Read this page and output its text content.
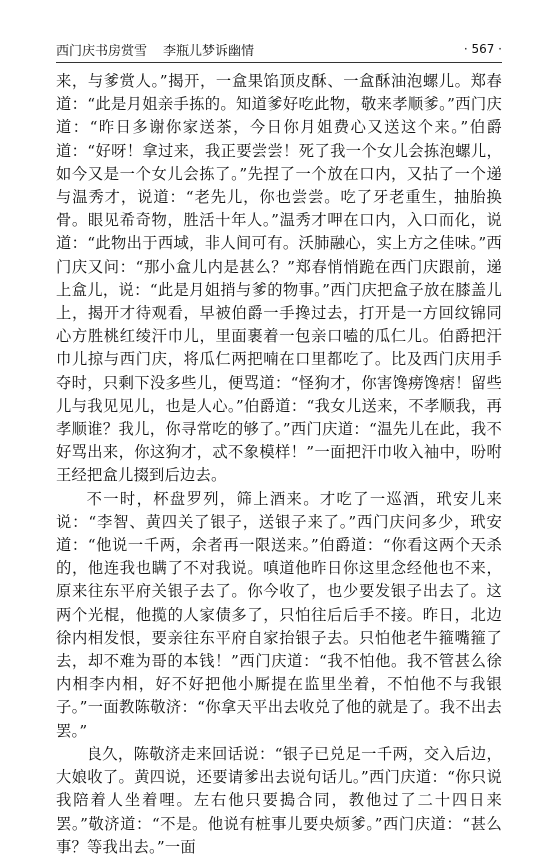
西门庆书房赏雪 李瓶儿梦诉幽情	· 567 ·

来，与爹赏人。”揭开，一盒果馅顶皮酥、一盒酥油泡螺儿。郑春道：“此是月姐亲手拣的。知道爹好吃此物，敬来孝顺爹。”西门庆道：“昨日多谢你家送茶，今日你月姐费心又送这个来。”伯爵道：“好呀！拿过来，我正要尝尝！死了我一个女儿会拣泡螺儿，如今又是一个女儿会拣了。”先捏了一个放在口内，又拈了一个递与温秀才，说道：“老先儿，你也尝尝。吃了牙老重生，抽胎换骨。眼见希奇物，胜活十年人。”温秀才呷在口内，入口而化，说道：“此物出于西域，非人间可有。沃肺融心，实上方之佳味。”西门庆又问：“那小盒儿内是甚么？”郑春悄悄跪在西门庆跟前，递上盒儿，说：“此是月姐捎与爹的物事。”西门庆把盒子放在膝盖儿上，揭开才待观看，早被伯爵一手搀过去，打开是一方回纹锦同心方胜桃红绫汗巾儿，里面裹着一包亲口嗑的瓜仁儿。伯爵把汗巾儿掠与西门庆，将瓜仁两把喃在口里都吃了。比及西门庆用手夺时，只剩下没多些儿，便骂道：“怪狗才，你害馋痨馋痞！留些儿与我见见儿，也是人心。”伯爵道：“我女儿送来，不孝顺我，再孝顺谁？我儿，你寻常吃的够了。”西门庆道：“温先儿在此，我不好骂出来，你这狗才，忒不象模样！”一面把汗巾收入袖中，吩咐王经把盒儿掇到后边去。

不一时，杯盘罗列，筛上酒来。才吃了一巡酒，玳安儿来说：“李智、黄四关了银子，送银子来了。”西门庆问多少，玳安道：“他说一千两，余者再一限送来。”伯爵道：“你看这两个天杀的，他连我也瞒了不对我说。嗔道他昨日你这里念经他也不来，原来往东平府关银子去了。你今收了，也少要发银子出去了。这两个光棍，他揽的人家债多了，只怕往后后手不接。昨日，北边徐内相发恨，要亲往东平府自家抬银子去。只怕他老牛箍嘴箍了去，却不难为哥的本钱！”西门庆道：“我不怕他。我不管甚么徐内相李内相，好不好把他小厮提在监里坐着，不怕他不与我银子。”一面教陈敬济：“你拿天平出去收兑了他的就是了。我不出去罢。”

良久，陈敬济走来回话说：“银子已兑足一千两，交入后边，大娘收了。黄四说，还要请爹出去说句话儿。”西门庆道：“你只说我陪着人坐着哩。左右他只要搗合同，教他过了二十四日来罢。”敬济道：“不是。他说有桩事儿要央烦爹。”西门庆道：“甚么事？等我出去。”一面
